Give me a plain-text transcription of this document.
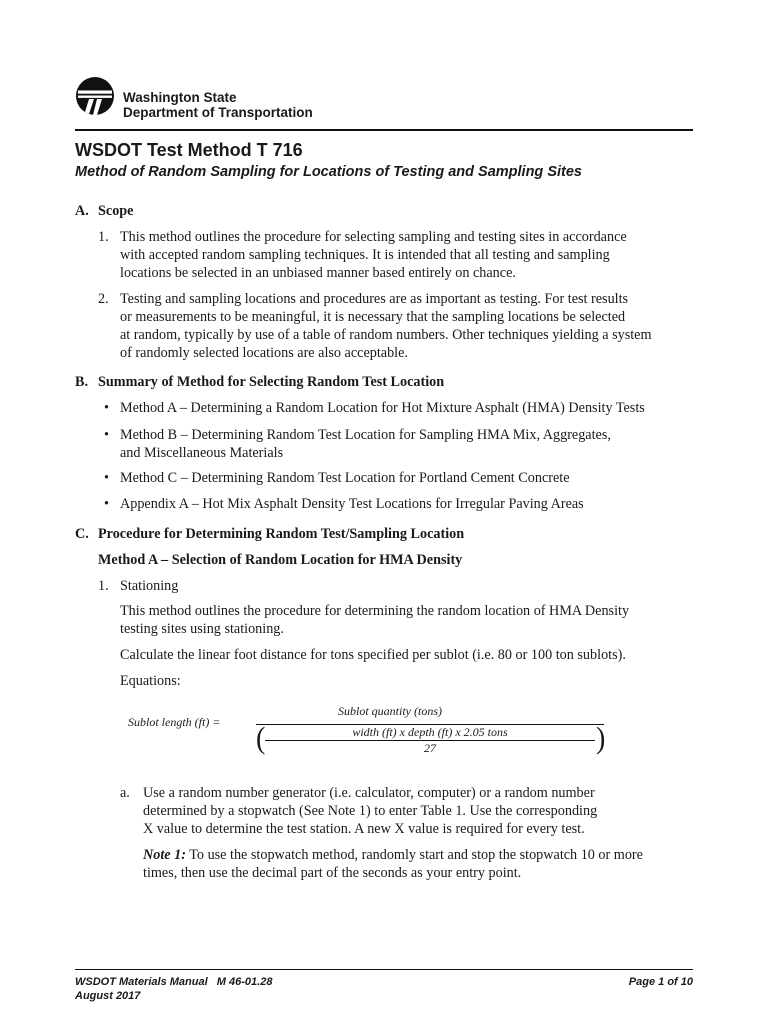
Washington State
Department of Transportation
WSDOT Test Method T 716
Method of Random Sampling for Locations of Testing and Sampling Sites
A. Scope
1. This method outlines the procedure for selecting sampling and testing sites in accordance
with accepted random sampling techniques. It is intended that all testing and sampling
locations be selected in an unbiased manner based entirely on chance.
2. Testing and sampling locations and procedures are as important as testing. For test results
or measurements to be meaningful, it is necessary that the sampling locations be selected
at random, typically by use of a table of random numbers. Other techniques yielding a system
of randomly selected locations are also acceptable.
B. Summary of Method for Selecting Random Test Location
• Method A – Determining a Random Location for Hot Mixture Asphalt (HMA) Density Tests
• Method B – Determining Random Test Location for Sampling HMA Mix, Aggregates,
and Miscellaneous Materials
• Method C – Determining Random Test Location for Portland Cement Concrete
• Appendix A – Hot Mix Asphalt Density Test Locations for Irregular Paving Areas
C. Procedure for Determining Random Test/Sampling Location
Method A – Selection of Random Location for HMA Density
1. Stationing
This method outlines the procedure for determining the random location of HMA Density
testing sites using stationing.
Calculate the linear foot distance for tons specified per sublot (i.e. 80 or 100 ton sublots).
Equations:
Sublot length (ft) =
Sublot quantity (tons)
(	width (ft) x depth (ft) x 2.05 tons
27	)
a. Use a random number generator (i.e. calculator, computer) or a random number
determined by a stopwatch (See Note 1) to enter Table 1. Use the corresponding
X value to determine the test station. A new X value is required for every test.
Note 1: To use the stopwatch method, randomly start and stop the stopwatch 10 or more
times, then use the decimal part of the seconds as your entry point.
WSDOT Materials Manual   M 46-01.28
August 2017
Page 1 of 10
